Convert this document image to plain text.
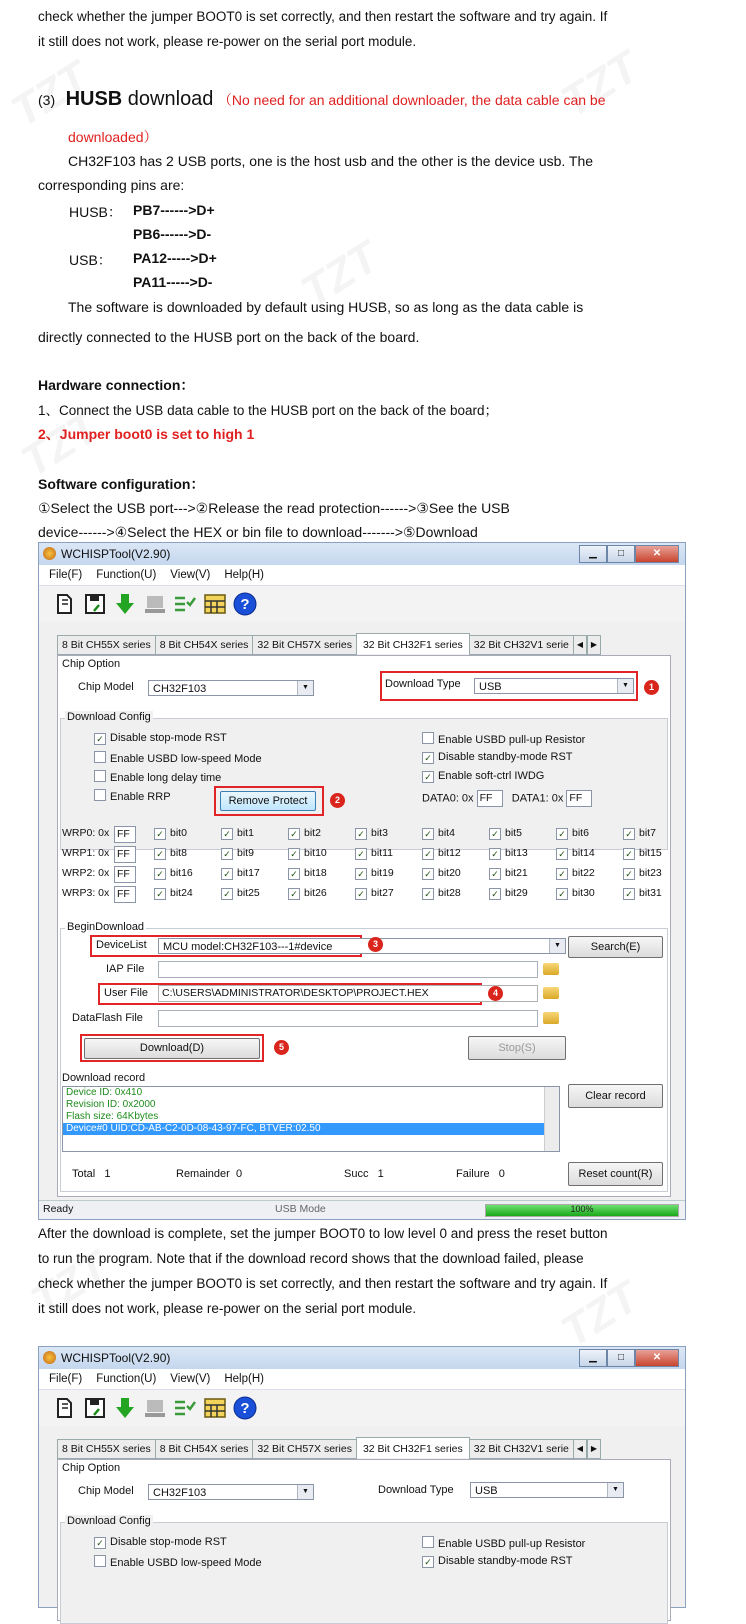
check whether the jumper BOOT0 is set correctly, and then restart the software and try again. If
it still does not work, please re-power on the serial port module.
(3) HUSB download （No need for an additional downloader, the data cable can be
downloaded）
CH32F103 has 2 USB ports, one is the host usb and the other is the device usb. The
corresponding pins are:
HUSB： PB7------>D+
PB6------>D-
USB： PA12----->D+
PA11----->D-
The software is downloaded by default using HUSB, so as long as the data cable is
directly connected to the HUSB port on the back of the board.
Hardware connection：
1、Connect the USB data cable to the HUSB port on the back of the board；
2、Jumper boot0 is set to high 1
Software configuration：
①Select the USB port--->②Release the read protection------>③See the USB
device------>④Select the HEX or bin file to download------->⑤Download
WCHISPTool(V2.90)	▁	□	✕
File(F) Function(U) View(V) Help(H)
?
8 Bit CH55X series 8 Bit CH54X series 32 Bit CH57X series	32 Bit CH32F1 series	32 Bit CH32V1 serie ◀ ▶
Chip Option
Chip Model	CH32F103	▼	Download Type	USB	▼	1
Download Config
✓ Disable stop-mode RST
Enable USBD low-speed Mode
Enable long delay time
Enable RRP	Remove Protect	2
Enable USBD pull-up Resistor
✓ Disable standby-mode RST
✓ Enable soft-ctrl IWDG
DATA0: 0x FF DATA1: 0x FF
WRP0: 0x FF	✓ bit0	✓ bit1	✓ bit2	✓ bit3	✓ bit4	✓ bit5	✓ bit6	✓ bit7
WRP1: 0x FF	✓ bit8	✓ bit9	✓ bit10	✓ bit11	✓ bit12	✓ bit13	✓ bit14	✓ bit15
WRP2: 0x FF	✓ bit16	✓ bit17	✓ bit18	✓ bit19	✓ bit20	✓ bit21	✓ bit22	✓ bit23
WRP3: 0x FF	✓ bit24	✓ bit25	✓ bit26	✓ bit27	✓ bit28	✓ bit29	✓ bit30	✓ bit31
BeginDownload
DeviceList	MCU model:CH32F103---1#device	▼
3	Search(E)
IAP File
User File	C:\USERS\ADMINISTRATOR\DESKTOP\PROJECT.HEX	4
DataFlash File
Download(D)	5	Stop(S)
Download record
Device ID: 0x410
Revision ID: 0x2000
Flash size: 64Kbytes
Device#0 UID:CD-AB-C2-0D-08-43-97-FC, BTVER:02.50
Clear record
Total 1	Remainder 0	Succ 1	Failure 0	Reset count(R)
Ready	USB Mode	100%
After the download is complete, set the jumper BOOT0 to low level 0 and press the reset button
to run the program. Note that if the download record shows that the download failed, please
check whether the jumper BOOT0 is set correctly, and then restart the software and try again. If
it still does not work, please re-power on the serial port module.
WCHISPTool(V2.90)	▁	□	✕
File(F) Function(U) View(V) Help(H)
?
8 Bit CH55X series 8 Bit CH54X series 32 Bit CH57X series	32 Bit CH32F1 series	32 Bit CH32V1 serie ◀ ▶
Chip Option
Chip Model	CH32F103	▼	Download Type	USB	▼
Download Config
✓ Disable stop-mode RST
Enable USBD low-speed Mode
Enable USBD pull-up Resistor
✓ Disable standby-mode RST
